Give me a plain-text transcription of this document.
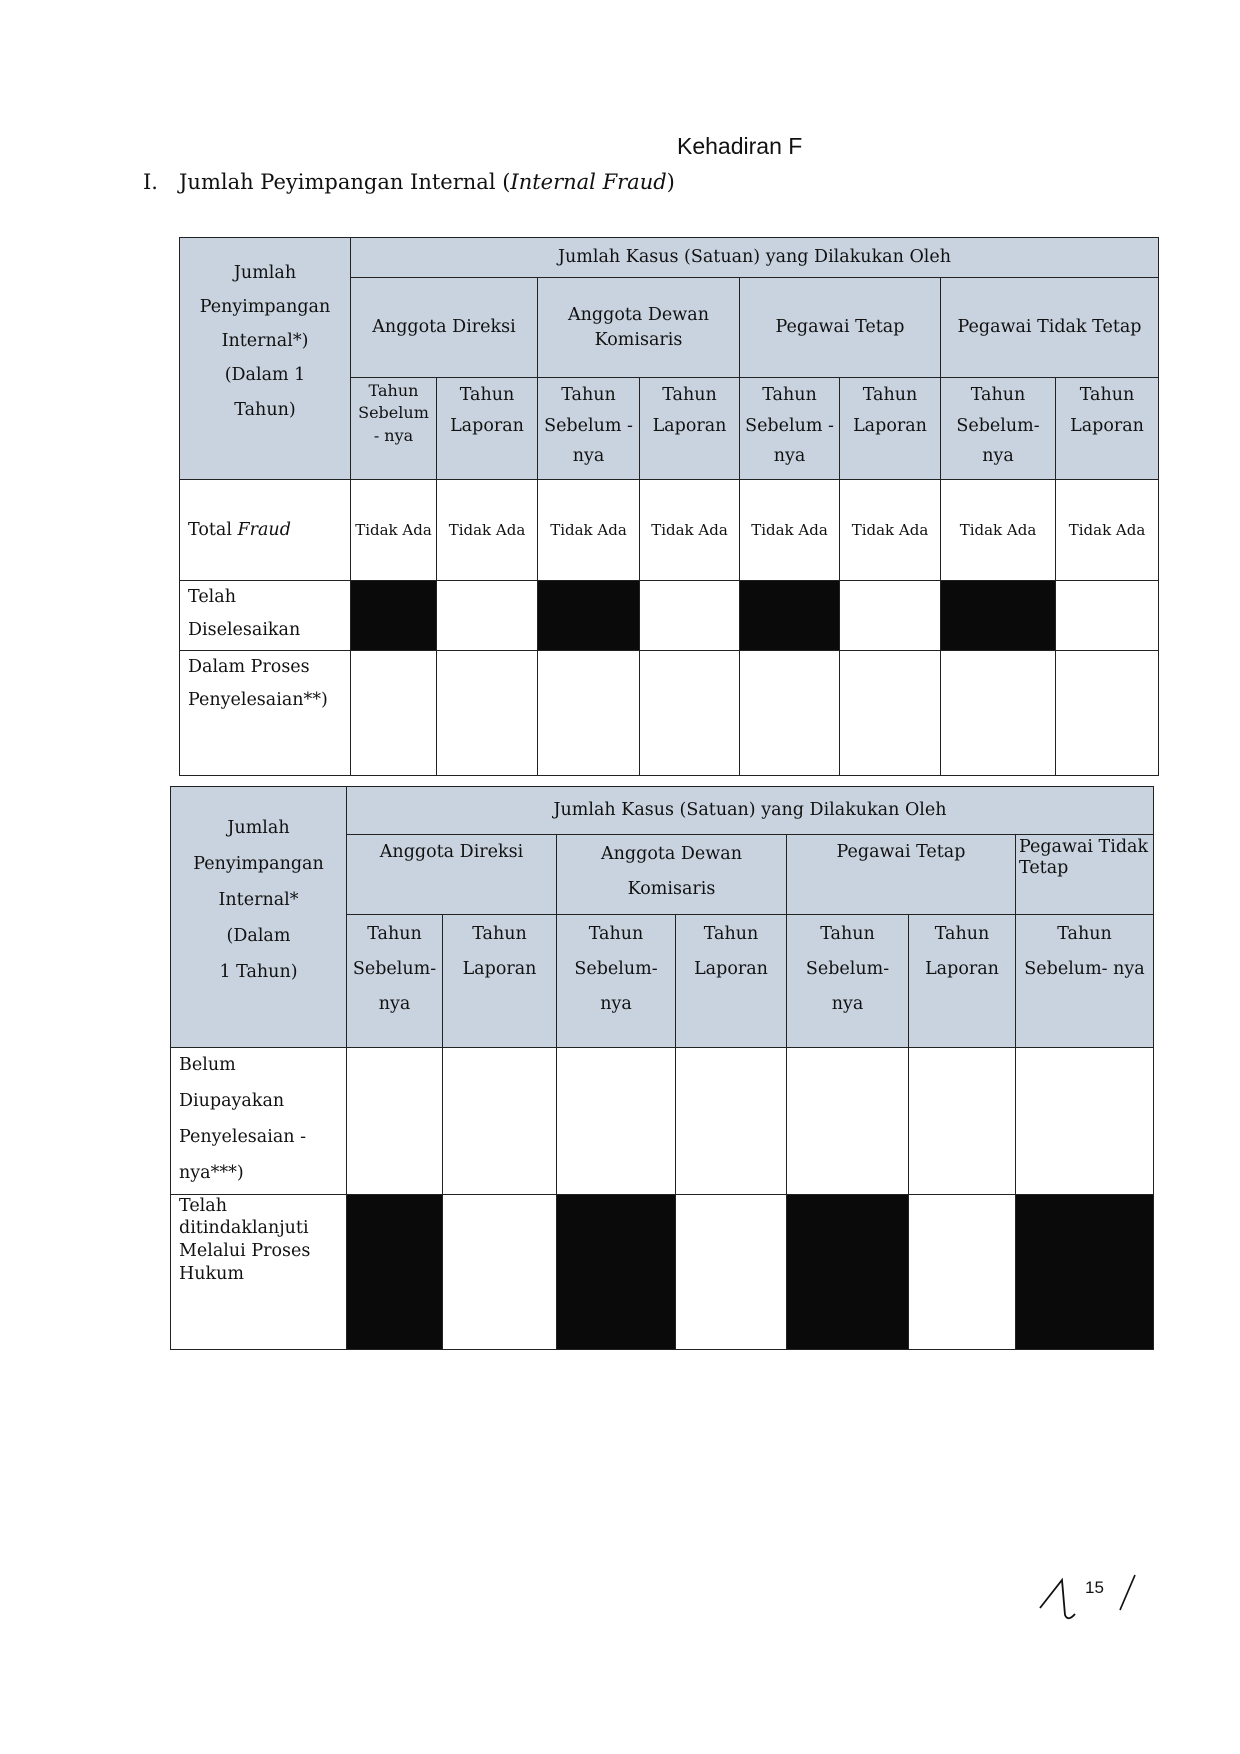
Kehadiran F
I. Jumlah Peyimpangan Internal (Internal Fraud)
Jumlah
Penyimpangan
Internal*)
(Dalam 1
Tahun)	Jumlah Kasus (Satuan) yang Dilakukan Oleh							
	Anggota Direksi		Anggota Dewan Komisaris		Pegawai Tetap		Pegawai Tidak Tetap	
	Tahun Sebelum - nya	Tahun Laporan	Tahun Sebelum - nya	Tahun Laporan	Tahun Sebelum - nya	Tahun Laporan	Tahun Sebelum- nya	Tahun Laporan
Total Fraud	Tidak Ada	Tidak Ada	Tidak Ada	Tidak Ada	Tidak Ada	Tidak Ada	Tidak Ada	Tidak Ada
Telah Diselesaikan								
Dalam Proses Penyelesaian**)								
Jumlah
Penyimpangan
Internal*
(Dalam
1 Tahun)	Jumlah Kasus (Satuan) yang Dilakukan Oleh						
	Anggota Direksi		Anggota Dewan Komisaris		Pegawai Tetap		Pegawai Tidak Tetap
	Tahun Sebelum- nya	Tahun Laporan	Tahun Sebelum- nya	Tahun Laporan	Tahun Sebelum- nya	Tahun Laporan	Tahun Sebelum- nya
Belum Diupayakan Penyelesaian - nya***)							
Telah ditindaklanjuti Melalui Proses Hukum							
15
